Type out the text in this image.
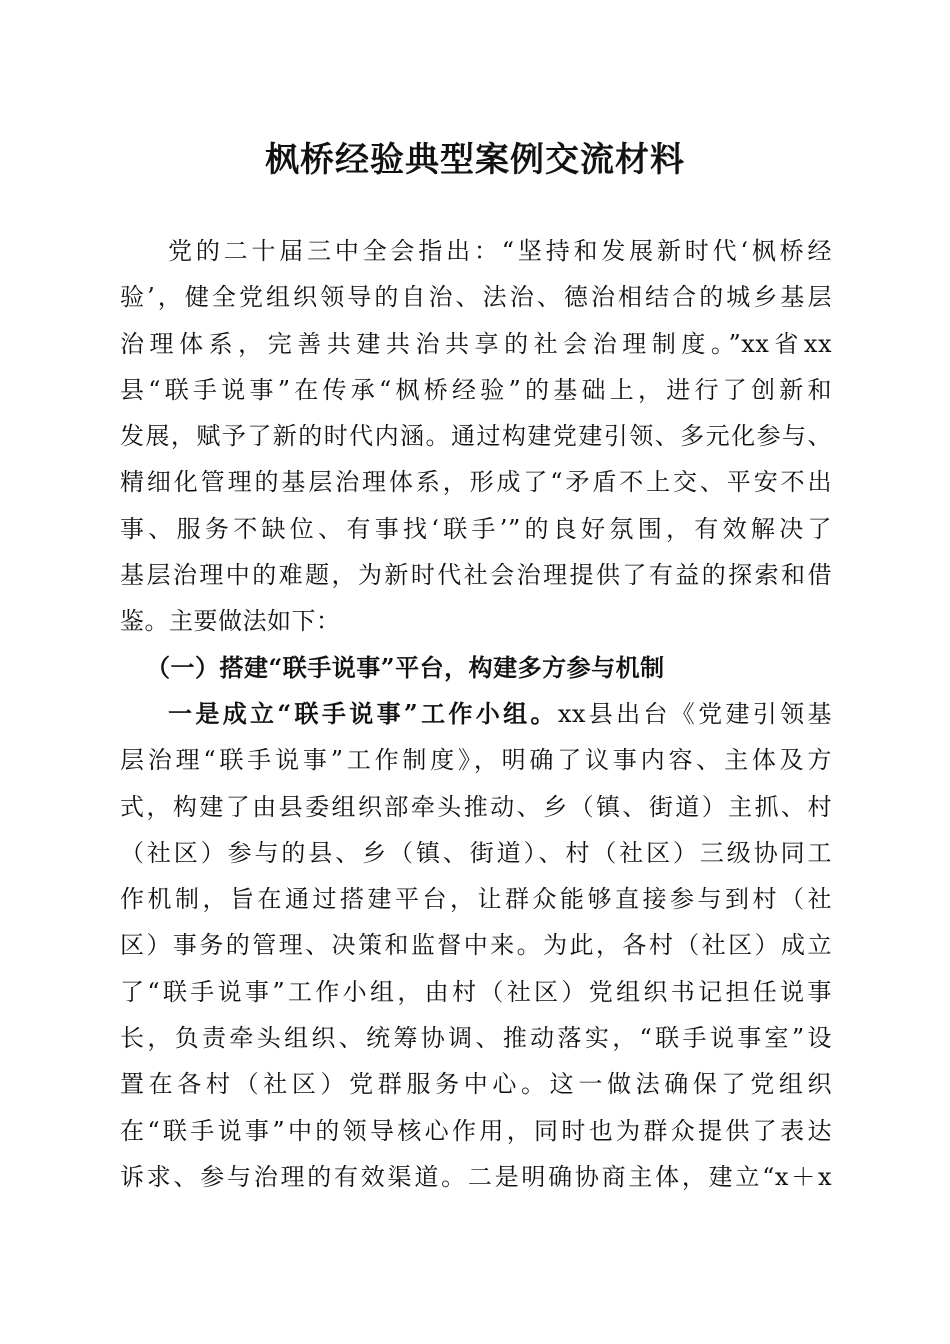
枫桥经验典型案例交流材料
党的二十届三中全会指出：“坚持和发展新时代‘枫桥经
验’，健全党组织领导的自治、法治、德治相结合的城乡基层
治理体系，完善共建共治共享的社会治理制度。”xx省xx
县“联手说事”在传承“枫桥经验”的基础上，进行了创新和
发展，赋予了新的时代内涵。通过构建党建引领、多元化参与、
精细化管理的基层治理体系，形成了“矛盾不上交、平安不出
事、服务不缺位、有事找‘联手’”的良好氛围，有效解决了
基层治理中的难题，为新时代社会治理提供了有益的探索和借
鉴。主要做法如下：
（一）搭建“联手说事”平台，构建多方参与机制
一是成立“联手说事”工作小组。xx县出台《党建引领基
层治理“联手说事”工作制度》，明确了议事内容、主体及方
式，构建了由县委组织部牵头推动、乡（镇、街道）主抓、村
（社区）参与的县、乡（镇、街道）、村（社区）三级协同工
作机制，旨在通过搭建平台，让群众能够直接参与到村（社
区）事务的管理、决策和监督中来。为此，各村（社区）成立
了“联手说事”工作小组，由村（社区）党组织书记担任说事
长，负责牵头组织、统筹协调、推动落实，“联手说事室”设
置在各村（社区）党群服务中心。这一做法确保了党组织
在“联手说事”中的领导核心作用，同时也为群众提供了表达
诉求、参与治理的有效渠道。二是明确协商主体，建立“x＋x
